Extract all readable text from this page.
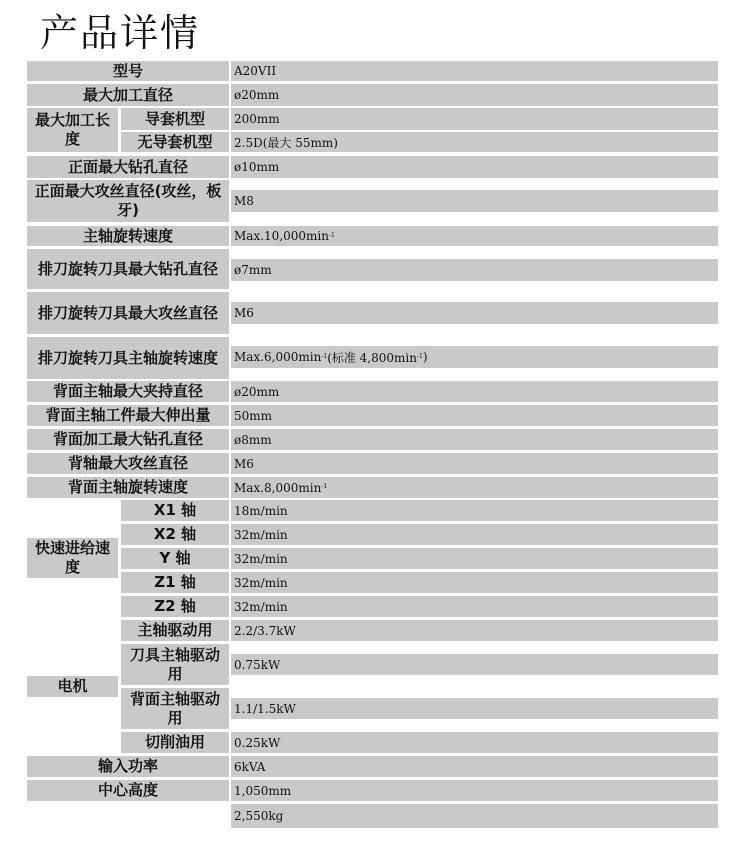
产品详情
型号	A20VII
最大加工直径	ø20mm
最大加工长度
导套机型	200mm
无导套机型	2.5D(最大 55mm)
正面最大钻孔直径	ø10mm
正面最大攻丝直径(攻丝，板牙)	M8
主轴旋转速度	$Max.10,000\min^{-1}$
排刀旋转刀具最大钻孔直径	ø7mm
排刀旋转刀具最大攻丝直径	M6
排刀旋转刀具主轴旋转速度	$Max.6,000\min^{-1}$ (标准 $4,800\min^{-1}$ )
背面主轴最大夹持直径	ø20mm
背面主轴工件最大伸出量	50mm
背面加工最大钻孔直径	ø8mm
背轴最大攻丝直径	M6
背面主轴旋转速度	$Max.8,000\min^{-1}$
快速进给速度
X1 轴	18m/min
X2 轴	32m/min
Y 轴	32m/min
Z1 轴	32m/min
Z2 轴	32m/min
电机
主轴驱动用	2.2/3.7kW
刀具主轴驱动用	0.75kW
背面主轴驱动用	1.1/1.5kW
切削油用	0.25kW
输入功率	6kVA
中心高度	1,050mm
2,550kg
